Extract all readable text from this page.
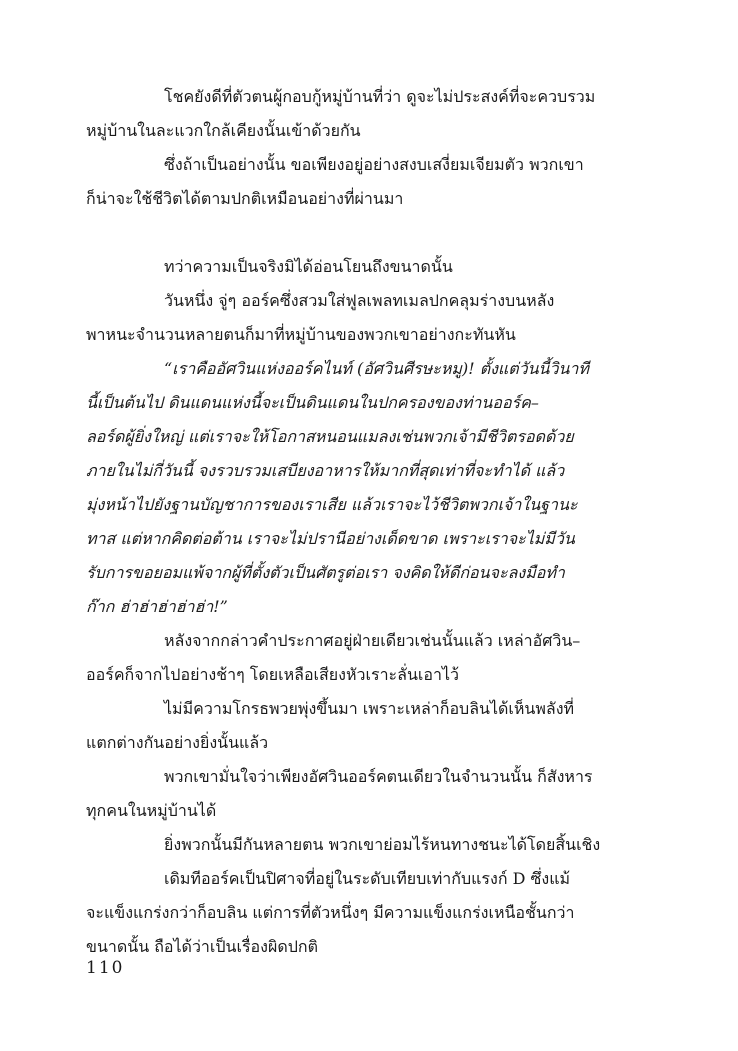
โชคยังดีที่ตัวตนผู้กอบกู้หมู่บ้านที่ว่า ดูจะไม่ประสงค์ที่จะควบรวม
หมู่บ้านในละแวกใกล้เคียงนั้นเข้าด้วยกัน
ซึ่งถ้าเป็นอย่างนั้น ขอเพียงอยู่อย่างสงบเสงี่ยมเจียมตัว พวกเขา
ก็น่าจะใช้ชีวิตได้ตามปกติเหมือนอย่างที่ผ่านมา
ทว่าความเป็นจริงมิได้อ่อนโยนถึงขนาดนั้น
วันหนึ่ง จู่ๆ ออร์คซึ่งสวมใส่ฟูลเพลทเมลปกคลุมร่างบนหลัง
พาหนะจำนวนหลายตนก็มาที่หมู่บ้านของพวกเขาอย่างกะทันหัน
“เราคืออัศวินแห่งออร์คไนท์ (อัศวินศีรษะหมู)! ตั้งแต่วันนี้วินาที
นี้เป็นต้นไป ดินแดนแห่งนี้จะเป็นดินแดนในปกครองของท่านออร์ค–
ลอร์ดผู้ยิ่งใหญ่ แต่เราจะให้โอกาสหนอนแมลงเช่นพวกเจ้ามีชีวิตรอดด้วย
ภายในไม่กี่วันนี้ จงรวบรวมเสบียงอาหารให้มากที่สุดเท่าที่จะทำได้ แล้ว
มุ่งหน้าไปยังฐานบัญชาการของเราเสีย แล้วเราจะไว้ชีวิตพวกเจ้าในฐานะ
ทาส แต่หากคิดต่อต้าน เราจะไม่ปรานีอย่างเด็ดขาด เพราะเราจะไม่มีวัน
รับการขอยอมแพ้จากผู้ที่ตั้งตัวเป็นศัตรูต่อเรา จงคิดให้ดีก่อนจะลงมือทำ
ก๊าก ฮ่าฮ่าฮ่าฮ่าฮ่า!”
หลังจากกล่าวคำประกาศอยู่ฝ่ายเดียวเช่นนั้นแล้ว เหล่าอัศวิน–
ออร์คก็จากไปอย่างช้าๆ โดยเหลือเสียงหัวเราะลั่นเอาไว้
ไม่มีความโกรธพวยพุ่งขึ้นมา เพราะเหล่าก็อบลินได้เห็นพลังที่
แตกต่างกันอย่างยิ่งนั้นแล้ว
พวกเขามั่นใจว่าเพียงอัศวินออร์คตนเดียวในจำนวนนั้น ก็สังหาร
ทุกคนในหมู่บ้านได้
ยิ่งพวกนั้นมีกันหลายตน พวกเขาย่อมไร้หนทางชนะได้โดยสิ้นเชิง
เดิมทีออร์คเป็นปิศาจที่อยู่ในระดับเทียบเท่ากับแรงก์ D ซึ่งแม้
จะแข็งแกร่งกว่าก็อบลิน แต่การที่ตัวหนึ่งๆ มีความแข็งแกร่งเหนือชั้นกว่า
ขนาดนั้น ถือได้ว่าเป็นเรื่องผิดปกติ
110
